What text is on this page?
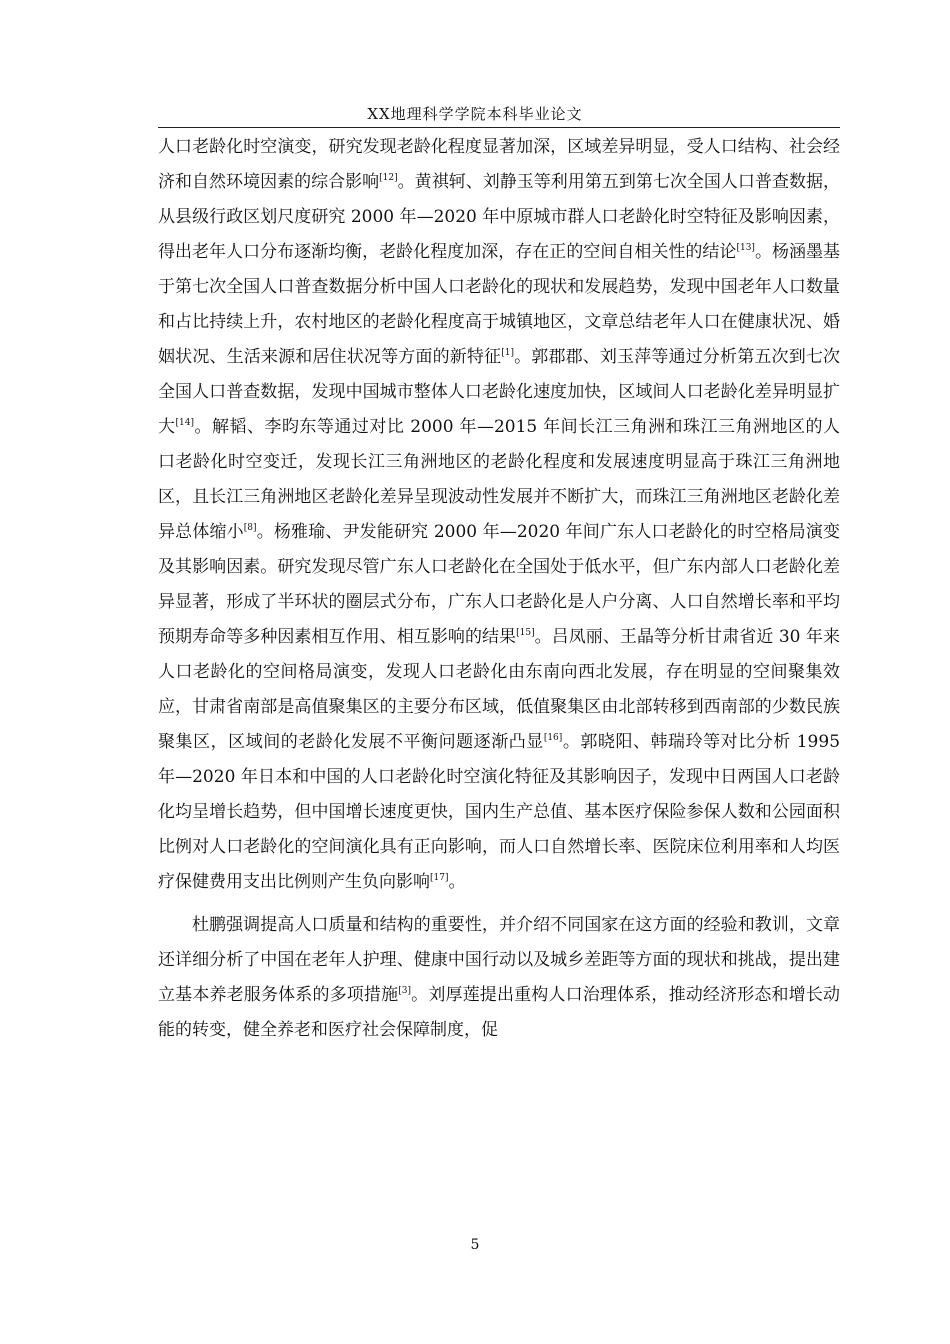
XX地理科学学院本科毕业论文

人口老龄化时空演变，研究发现老龄化程度显著加深，区域差异明显，受人口结构、社会经济和自然环境因素的综合影响[12]。黄祺轲、刘静玉等利用第五到第七次全国人口普查数据，从县级行政区划尺度研究 2000 年—2020 年中原城市群人口老龄化时空特征及影响因素，得出老年人口分布逐渐均衡，老龄化程度加深，存在正的空间自相关性的结论[13]。杨涵墨基于第七次全国人口普查数据分析中国人口老龄化的现状和发展趋势，发现中国老年人口数量和占比持续上升，农村地区的老龄化程度高于城镇地区，文章总结老年人口在健康状况、婚姻状况、生活来源和居住状况等方面的新特征[1]。郭郡郡、刘玉萍等通过分析第五次到七次全国人口普查数据，发现中国城市整体人口老龄化速度加快，区域间人口老龄化差异明显扩大[14]。解韬、李昀东等通过对比 2000 年—2015 年间长江三角洲和珠江三角洲地区的人口老龄化时空变迁，发现长江三角洲地区的老龄化程度和发展速度明显高于珠江三角洲地区，且长江三角洲地区老龄化差异呈现波动性发展并不断扩大，而珠江三角洲地区老龄化差异总体缩小[8]。杨雅瑜、尹发能研究 2000 年—2020 年间广东人口老龄化的时空格局演变及其影响因素。研究发现尽管广东人口老龄化在全国处于低水平，但广东内部人口老龄化差异显著，形成了半环状的圈层式分布，广东人口老龄化是人户分离、人口自然增长率和平均预期寿命等多种因素相互作用、相互影响的结果[15]。吕凤丽、王晶等分析甘肃省近 30 年来人口老龄化的空间格局演变，发现人口老龄化由东南向西北发展，存在明显的空间聚集效应，甘肃省南部是高值聚集区的主要分布区域，低值聚集区由北部转移到西南部的少数民族聚集区，区域间的老龄化发展不平衡问题逐渐凸显[16]。郭晓阳、韩瑞玲等对比分析 1995 年—2020 年日本和中国的人口老龄化时空演化特征及其影响因子，发现中日两国人口老龄化均呈增长趋势，但中国增长速度更快，国内生产总值、基本医疗保险参保人数和公园面积比例对人口老龄化的空间演化具有正向影响，而人口自然增长率、医院床位利用率和人均医疗保健费用支出比例则产生负向影响[17]。

杜鹏强调提高人口质量和结构的重要性，并介绍不同国家在这方面的经验和教训，文章还详细分析了中国在老年人护理、健康中国行动以及城乡差距等方面的现状和挑战，提出建立基本养老服务体系的多项措施[3]。刘厚莲提出重构人口治理体系，推动经济形态和增长动能的转变，健全养老和医疗社会保障制度，促

5
